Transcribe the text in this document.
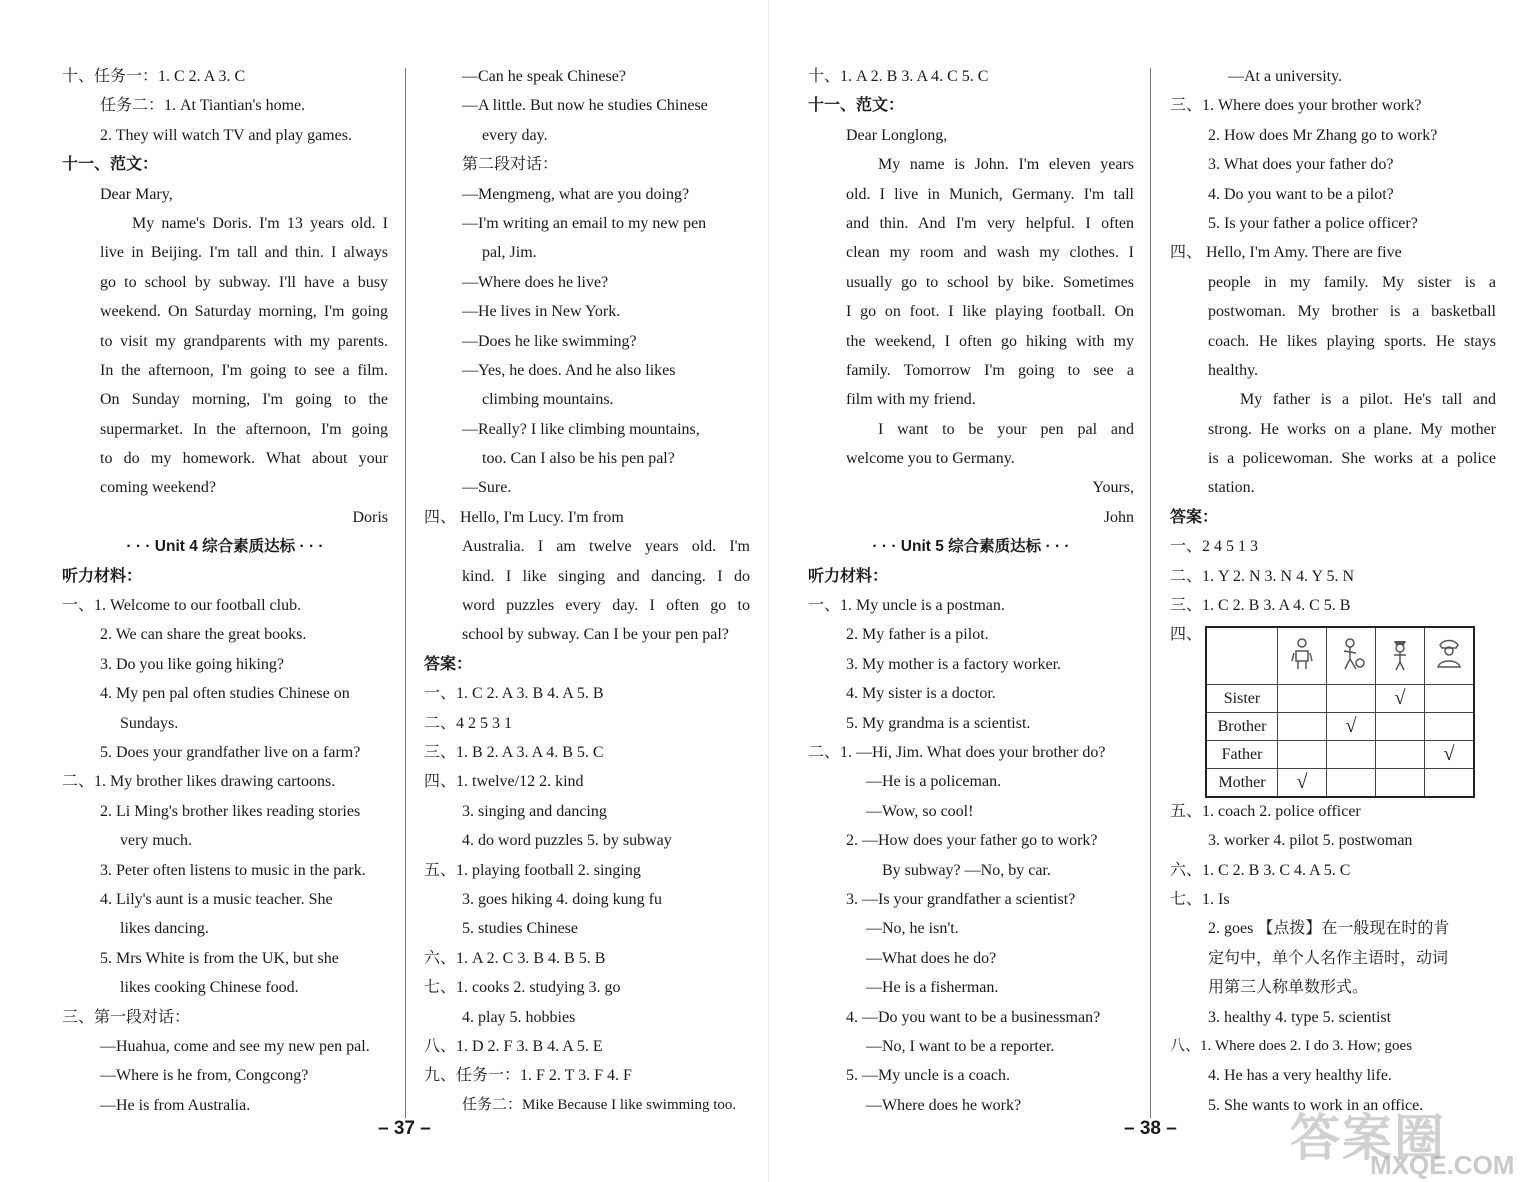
十、任务一：1. C 2. A 3. C
任务二：1. At Tiantian's home.
2. They will watch TV and play games.
十一、范文：
Dear Mary,
My name's Doris. I'm 13 years old. I
live in Beijing. I'm tall and thin. I always
go to school by subway. I'll have a busy
weekend. On Saturday morning, I'm going
to visit my grandparents with my parents.
In the afternoon, I'm going to see a film.
On Sunday morning, I'm going to the
supermarket. In the afternoon, I'm going
to do my homework. What about your
coming weekend?
Doris
· · · Unit 4 综合素质达标 · · ·
听力材料：
一、1. Welcome to our football club.
2. We can share the great books.
3. Do you like going hiking?
4. My pen pal often studies Chinese on
Sundays.
5. Does your grandfather live on a farm?
二、1. My brother likes drawing cartoons.
2. Li Ming's brother likes reading stories
very much.
3. Peter often listens to music in the park.
4. Lily's aunt is a music teacher. She
likes dancing.
5. Mrs White is from the UK, but she
likes cooking Chinese food.
三、第一段对话：
—Huahua, come and see my new pen pal.
—Where is he from, Congcong?
—He is from Australia.
—Can he speak Chinese?
—A little. But now he studies Chinese
every day.
第二段对话：
—Mengmeng, what are you doing?
—I'm writing an email to my new pen
pal, Jim.
—Where does he live?
—He lives in New York.
—Does he like swimming?
—Yes, he does. And he also likes
climbing mountains.
—Really? I like climbing mountains,
too. Can I also be his pen pal?
—Sure.
四、 Hello, I'm Lucy. I'm from
Australia. I am twelve years old. I'm
kind. I like singing and dancing. I do
word puzzles every day. I often go to
school by subway. Can I be your pen pal?
答案：
一、1. C 2. A 3. B 4. A 5. B
二、4 2 5 3 1
三、1. B 2. A 3. A 4. B 5. C
四、1. twelve/12 2. kind
3. singing and dancing
4. do word puzzles 5. by subway
五、1. playing football 2. singing
3. goes hiking 4. doing kung fu
5. studies Chinese
六、1. A 2. C 3. B 4. B 5. B
七、1. cooks 2. studying 3. go
4. play 5. hobbies
八、1. D 2. F 3. B 4. A 5. E
九、任务一：1. F 2. T 3. F 4. F
任务二：Mike Because I like swimming too.
十、1. A 2. B 3. A 4. C 5. C
十一、范文：
Dear Longlong,
My name is John. I'm eleven years
old. I live in Munich, Germany. I'm tall
and thin. And I'm very helpful. I often
clean my room and wash my clothes. I
usually go to school by bike. Sometimes
I go on foot. I like playing football. On
the weekend, I often go hiking with my
family. Tomorrow I'm going to see a
film with my friend.
I want to be your pen pal and
welcome you to Germany.
Yours,
John
· · · Unit 5 综合素质达标 · · ·
听力材料：
一、1. My uncle is a postman.
2. My father is a pilot.
3. My mother is a factory worker.
4. My sister is a doctor.
5. My grandma is a scientist.
二、1. —Hi, Jim. What does your brother do?
—He is a policeman.
—Wow, so cool!
2. —How does your father go to work?
By subway? —No, by car.
3. —Is your grandfather a scientist?
—No, he isn't.
—What does he do?
—He is a fisherman.
4. —Do you want to be a businessman?
—No, I want to be a reporter.
5. —My uncle is a coach.
—Where does he work?
—At a university.
三、1. Where does your brother work?
2. How does Mr Zhang go to work?
3. What does your father do?
4. Do you want to be a pilot?
5. Is your father a police officer?
四、 Hello, I'm Amy. There are five
people in my family. My sister is a
postwoman. My brother is a basketball
coach. He likes playing sports. He stays
healthy.
My father is a pilot. He's tall and
strong. He works on a plane. My mother
is a policewoman. She works at a police
station.
答案：
一、2 4 5 1 3
二、1. Y 2. N 3. N 4. Y 5. N
三、1. C 2. B 3. A 4. C 5. B
四、
五、1. coach 2. police officer
3. worker 4. pilot 5. postwoman
六、1. C 2. B 3. C 4. A 5. C
七、1. Is
2. goes 【点拨】在一般现在时的肯
定句中，单个人名作主语时，动词
用第三人称单数形式。
3. healthy 4. type 5. scientist
八、1. Where does 2. I do 3. How; goes
4. He has a very healthy life.
5. She wants to work in an office.

Sister			√	
Brother		√		
Father				√
Mother	√			
– 37 –	– 38 – 答案圈
MXQE.COM
